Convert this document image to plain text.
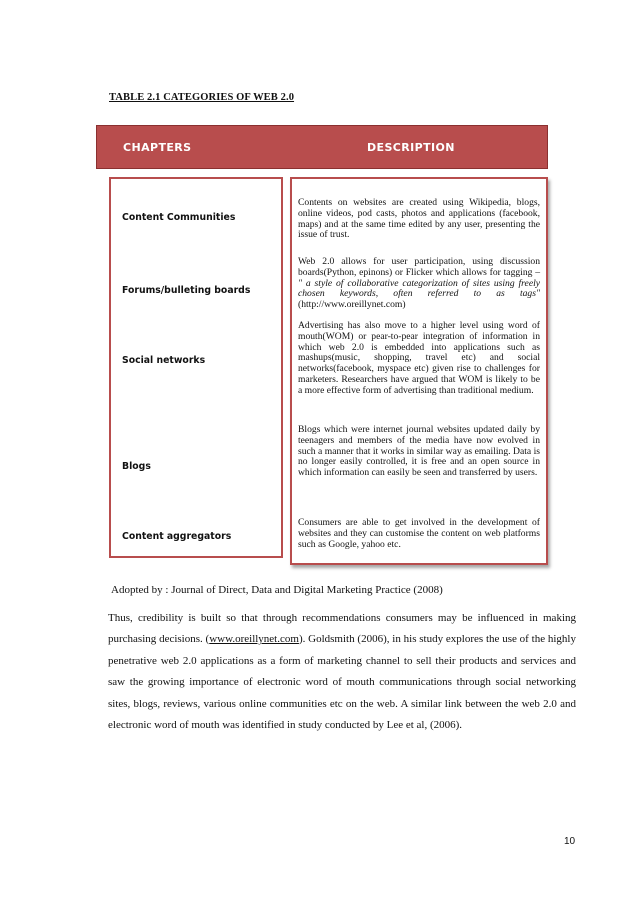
TABLE 2.1 CATEGORIES OF WEB 2.0
CHAPTERS	DESCRIPTION
Content Communities
Forums/bulleting boards
Social networks
Blogs
Content aggregators

Contents on websites are created using Wikipedia, blogs, online videos, pod casts, photos and applications (facebook, maps) and at the same time edited by any user, presenting the issue of trust.

Web 2.0 allows for user participation, using discussion boards(Python, epinons) or Flicker which allows for tagging – " a style of collaborative categorization of sites using freely chosen keywords, often referred to as tags" (http://www.oreillynet.com)

Advertising has also move to a higher level using word of mouth(WOM) or pear-to-pear integration of information in which web 2.0 is embedded into applications such as mashups(music, shopping, travel etc) and social networks(facebook, myspace etc) given rise to challenges for marketers. Researchers have argued that WOM is likely to be a more effective form of advertising than traditional medium.

Blogs which were internet journal websites updated daily by teenagers and members of the media have now evolved in such a manner that it works in similar way as emailing. Data is no longer easily controlled, it is free and an open source in which information can easily be seen and transferred by users.

Consumers are able to get involved in the development of websites and they can customise the content on web platforms such as Google, yahoo etc.

Adopted by : Journal of Direct, Data and Digital Marketing Practice (2008)

Thus, credibility is built so that through recommendations consumers may be influenced in making purchasing decisions. (www.oreillynet.com). Goldsmith (2006), in his study explores the use of the highly penetrative web 2.0 applications as a form of marketing channel to sell their products and services and saw the growing importance of electronic word of mouth communications through social networking sites, blogs, reviews, various online communities etc on the web. A similar link between the web 2.0 and electronic word of mouth was identified in study conducted by Lee et al, (2006).

10
